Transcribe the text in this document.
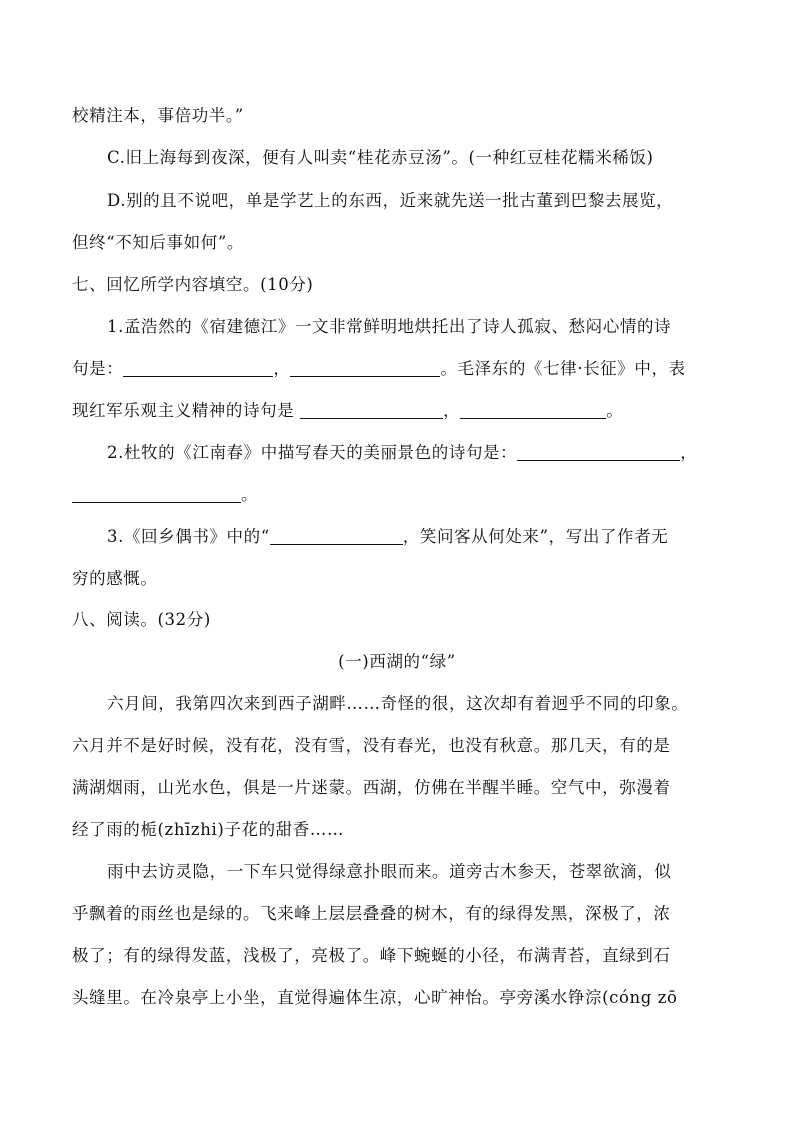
校精注本，事倍功半。”
C.旧上海每到夜深，便有人叫卖“桂花赤豆汤”。(一种红豆桂花糯米稀饭)
D.别的且不说吧，单是学艺上的东西，近来就先送一批古董到巴黎去展览，
但终“不知后事如何”。
七、回忆所学内容填空。(10分)
1.孟浩然的《宿建德江》一文非常鲜明地烘托出了诗人孤寂、愁闷心情的诗
句是：	，	。毛泽东的《七律·长征》中，表
现红军乐观主义精神的诗句是	，	。
2.杜牧的《江南春》中描写春天的美丽景色的诗句是：	，
。
3.《回乡偶书》中的“	，笑问客从何处来”，写出了作者无
穷的感慨。
八、阅读。(32分)
(一)西湖的“绿”
六月间，我第四次来到西子湖畔……奇怪的很，这次却有着迥乎不同的印象。
六月并不是好时候，没有花，没有雪，没有春光，也没有秋意。那几天，有的是
满湖烟雨，山光水色，俱是一片迷蒙。西湖，仿佛在半醒半睡。空气中，弥漫着
经了雨的栀(zhīzhi)子花的甜香……
雨中去访灵隐，一下车只觉得绿意扑眼而来。道旁古木参天，苍翠欲滴，似
乎飘着的雨丝也是绿的。飞来峰上层层叠叠的树木，有的绿得发黑，深极了，浓
极了；有的绿得发蓝，浅极了，亮极了。峰下蜿蜒的小径，布满青苔，直绿到石
头缝里。在冷泉亭上小坐，直觉得遍体生凉，心旷神怡。亭旁溪水铮淙(cóng zō
